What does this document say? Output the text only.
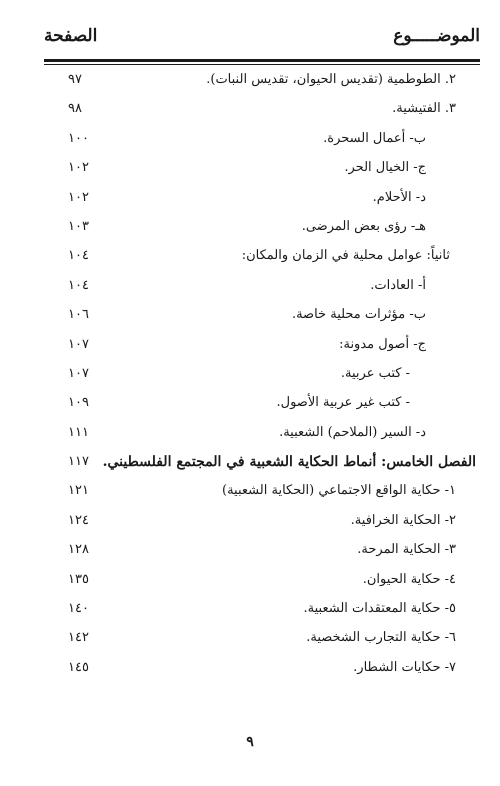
الموضـــــوع
الصفحة
٢. الطوطمية (تقديس الحيوان، تقديس النبات).
٩٧
٣. الفتيشية.
٩٨
ب- أعمال السحرة.
١٠٠
ج- الخيال الحر.
١٠٢
د- الأحلام.
١٠٢
هـ- رؤى بعض المرضى.
١٠٣
ثانياً: عوامل محلية في الزمان والمكان:
١٠٤
أ- العادات.
١٠٤
ب- مؤثرات محلية خاصة.
١٠٦
ج- أصول مدونة:
١٠٧
- كتب عربية.
١٠٧
- كتب غير عربية الأصول.
١٠٩
د- السير (الملاحم) الشعبية.
١١١
الفصل الخامس: أنماط الحكاية الشعبية في المجتمع الفلسطيني.
١١٧
١- حكاية الواقع الاجتماعي (الحكاية الشعبية)
١٢١
٢- الحكاية الخرافية.
١٢٤
٣- الحكاية المرحة.
١٢٨
٤- حكاية الحيوان.
١٣٥
٥- حكاية المعتقدات الشعبية.
١٤٠
٦- حكاية التجارب الشخصية.
١٤٢
٧- حكايات الشطار.
١٤٥
٩
